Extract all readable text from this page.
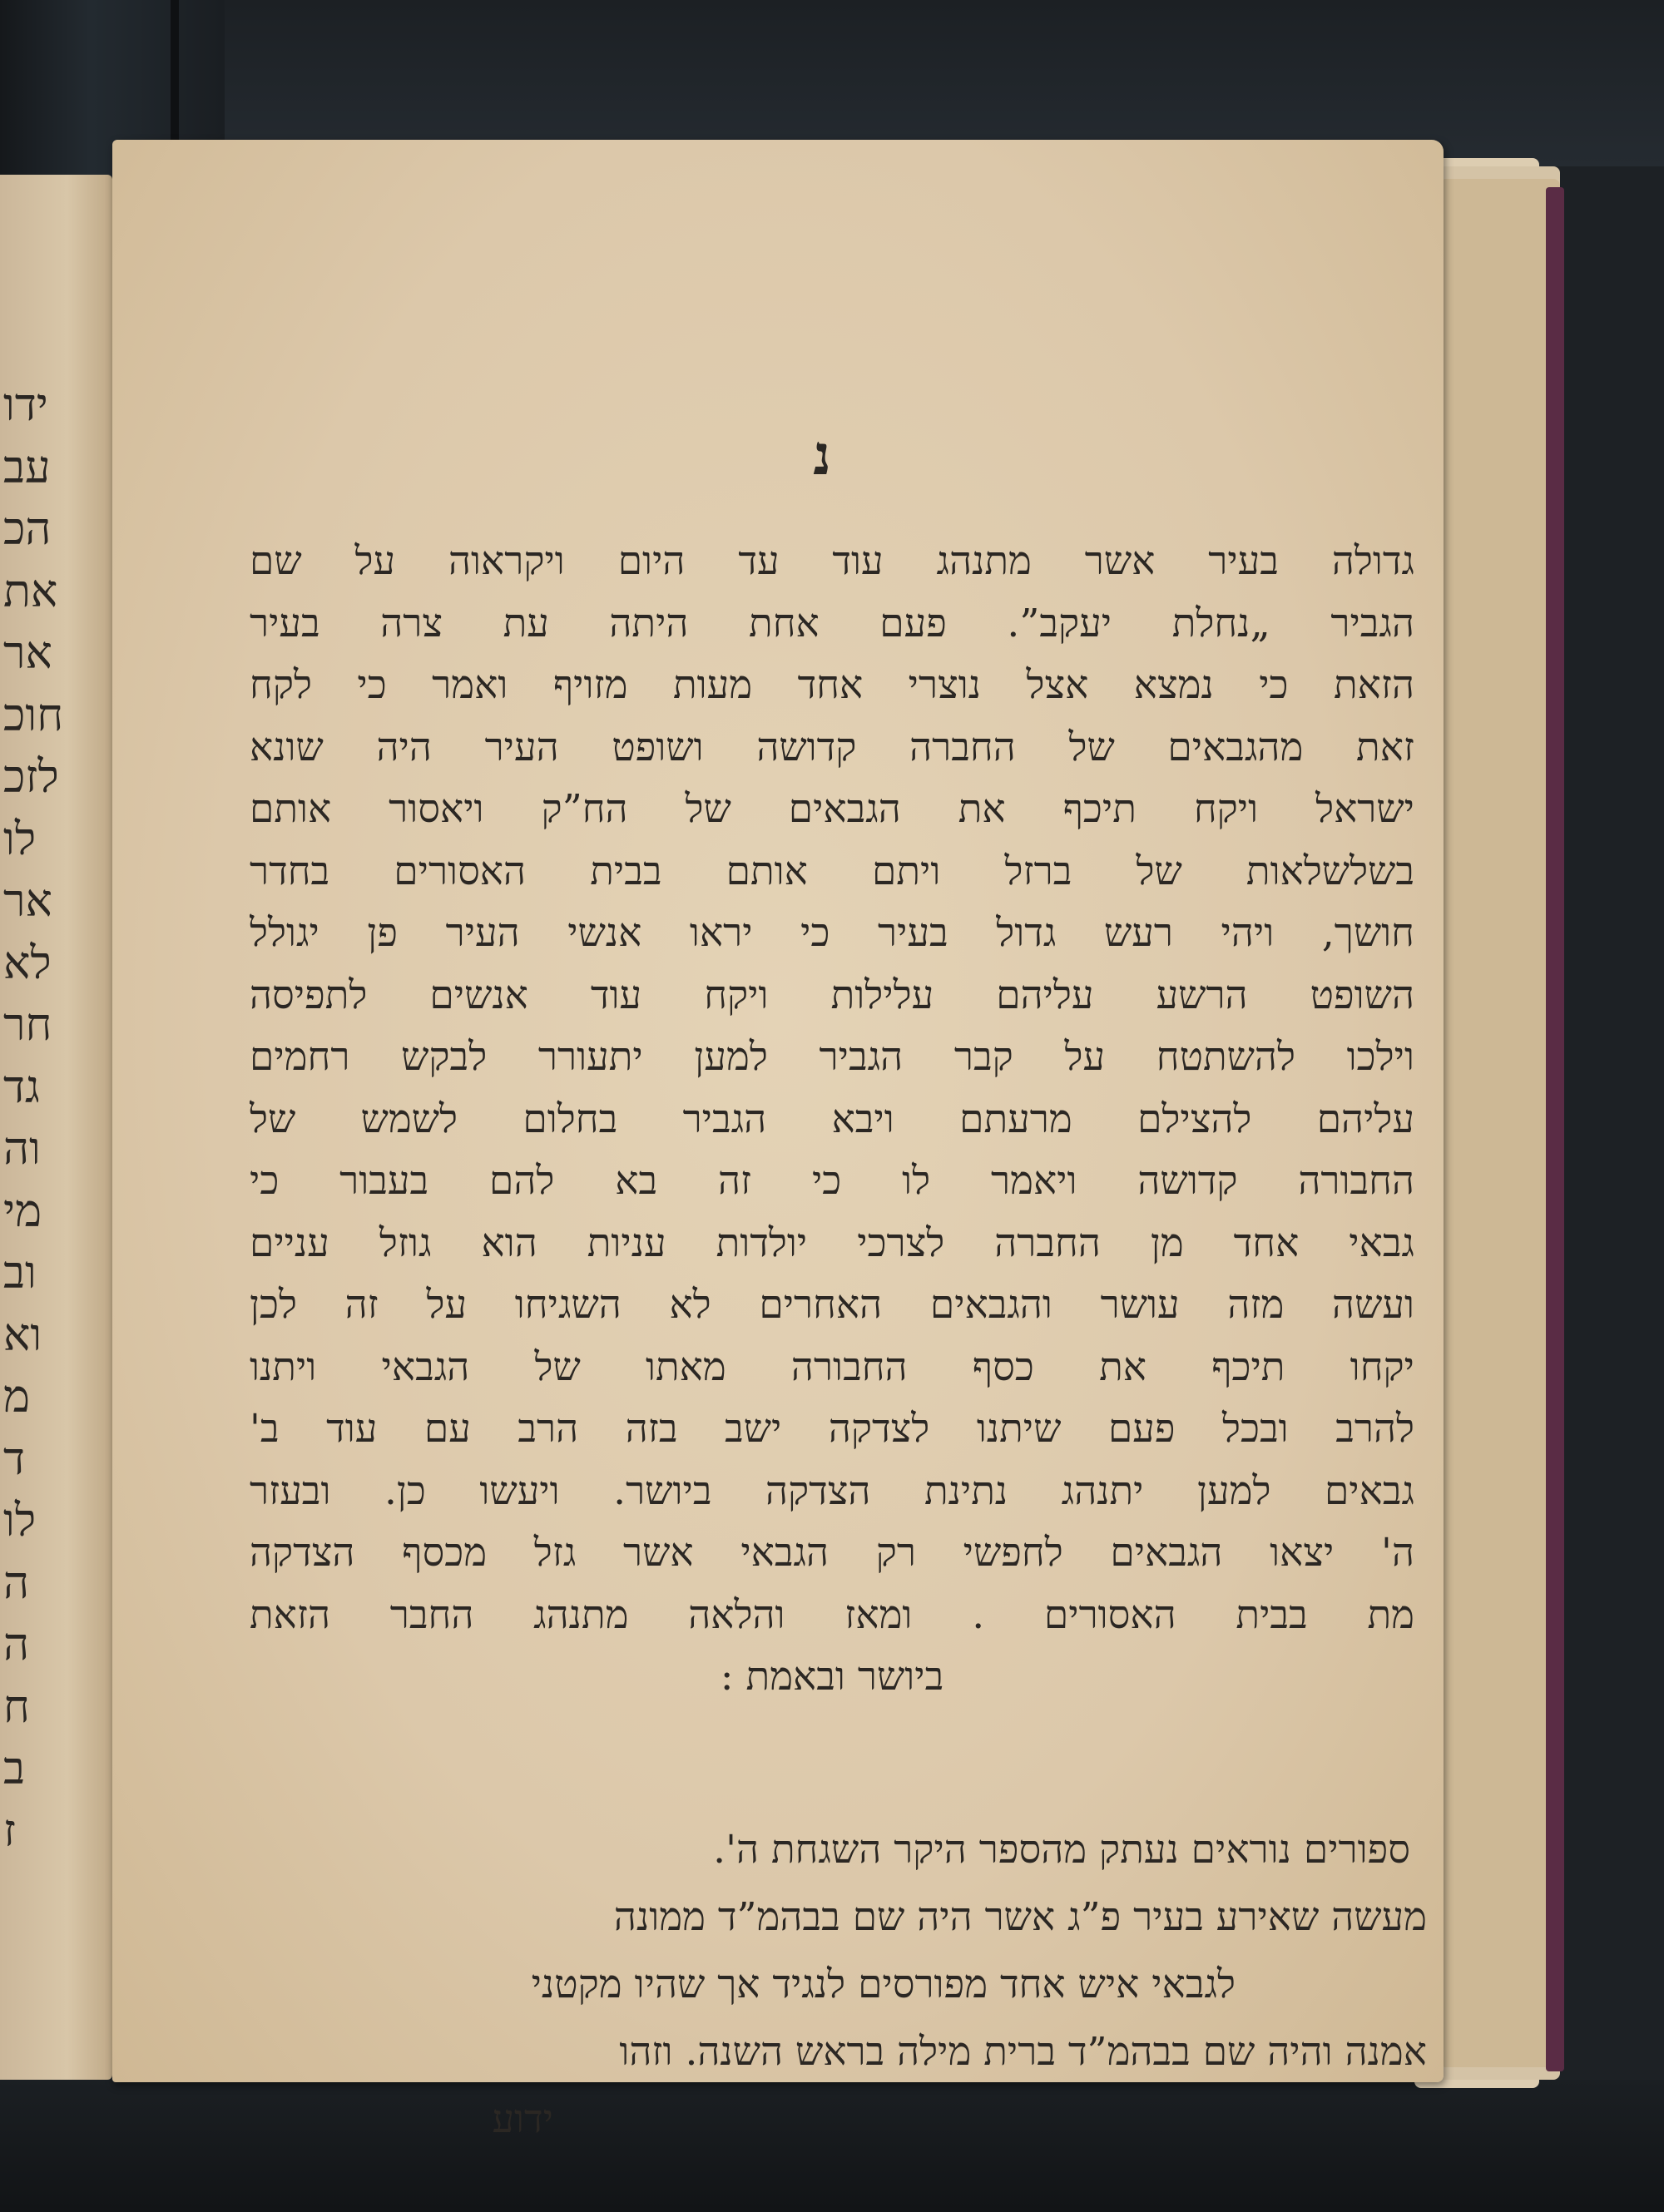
ידו
עב
הכ
את
אר
חוכ
לזכ
לו
אר
לא
חר
גד
וה
מי
וב
וא
מ
ד
לו
ה
ה
ח
ב
ז
נ
גדולה בעיר אשר מתנהג עוד עד היום ויקראוה על שם
הגביר „נחלת יעקב”. פעם אחת היתה עת צרה בעיר
הזאת כי נמצא אצל נוצרי אחד מעות מזויף ואמר כי לקח
זאת מהגבאים של החברה קדושה ושופט העיר היה שונא
ישראל ויקח תיכף את הגבאים של הח”ק ויאסור אותם
בשלשלאות של ברזל ויתם אותם בבית האסורים בחדר
חושך, ויהי רעש גדול בעיר כי יראו אנשי העיר פן יגולל
השופט הרשע עליהם עלילות ויקח עוד אנשים לתפיסה
וילכו להשתטח על קבר הגביר למען יתעורר לבקש רחמים
עליהם להצילם מרעתם ויבא הגביר בחלום לשמש של
החבורה קדושה ויאמר לו כי זה בא להם בעבור כי
גבאי אחד מן החברה לצרכי יולדות עניות הוא גוזל עניים
ועשה מזה עושר והגבאים האחרים לא השגיחו על זה לכן
יקחו תיכף את כסף החבורה מאתו של הגבאי ויתנו
להרב ובכל פעם שיתנו לצדקה ישב בזה הרב עם עוד ב'
גבאים למען יתנהג נתינת הצדקה ביושר. ויעשו כן. ובעזר
ה' יצאו הגבאים לחפשי רק הגבאי אשר גזל מכסף הצדקה
מת בבית האסורים . ומאז והלאה מתנהג החבר הזאת
ביושר ובאמת :
ספורים נוראים נעתק מהספר היקר השגחת ה'.
מעשה שאירע בעיר פ”ג אשר היה שם בבהמ”ד ממונה
לגבאי איש אחד מפורסים לנגיד אך שהיו מקטני
אמנה והיה שם בבהמ”ד ברית מילה בראש השנה. וזהו
ידוע
